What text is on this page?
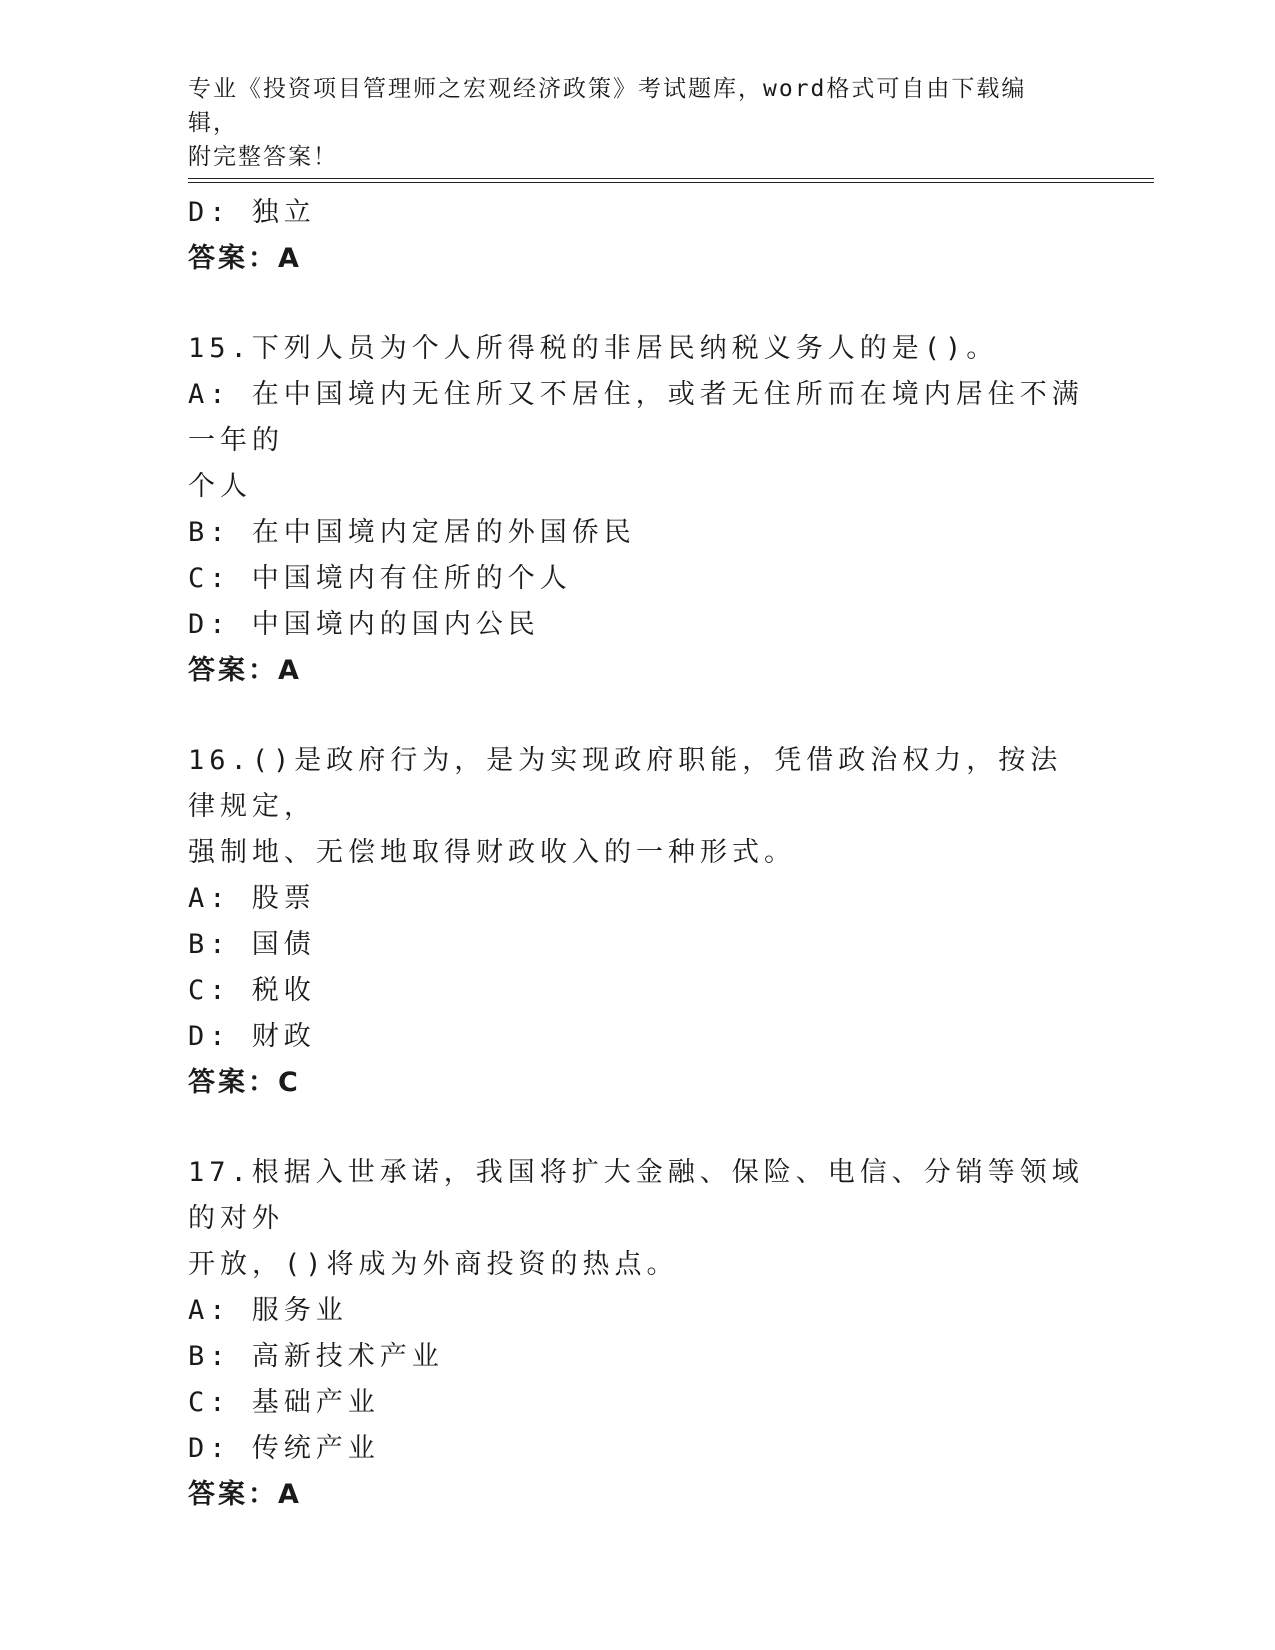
专业《投资项目管理师之宏观经济政策》考试题库，word格式可自由下载编辑，
附完整答案！
D: 独立
答案：A
15.下列人员为个人所得税的非居民纳税义务人的是()。
A: 在中国境内无住所又不居住，或者无住所而在境内居住不满一年的
个人
B: 在中国境内定居的外国侨民
C: 中国境内有住所的个人
D: 中国境内的国内公民
答案：A
16.()是政府行为，是为实现政府职能，凭借政治权力，按法律规定，
强制地、无偿地取得财政收入的一种形式。
A: 股票
B: 国债
C: 税收
D: 财政
答案：C
17.根据入世承诺，我国将扩大金融、保险、电信、分销等领域的对外
开放，()将成为外商投资的热点。
A: 服务业
B: 高新技术产业
C: 基础产业
D: 传统产业
答案：A
